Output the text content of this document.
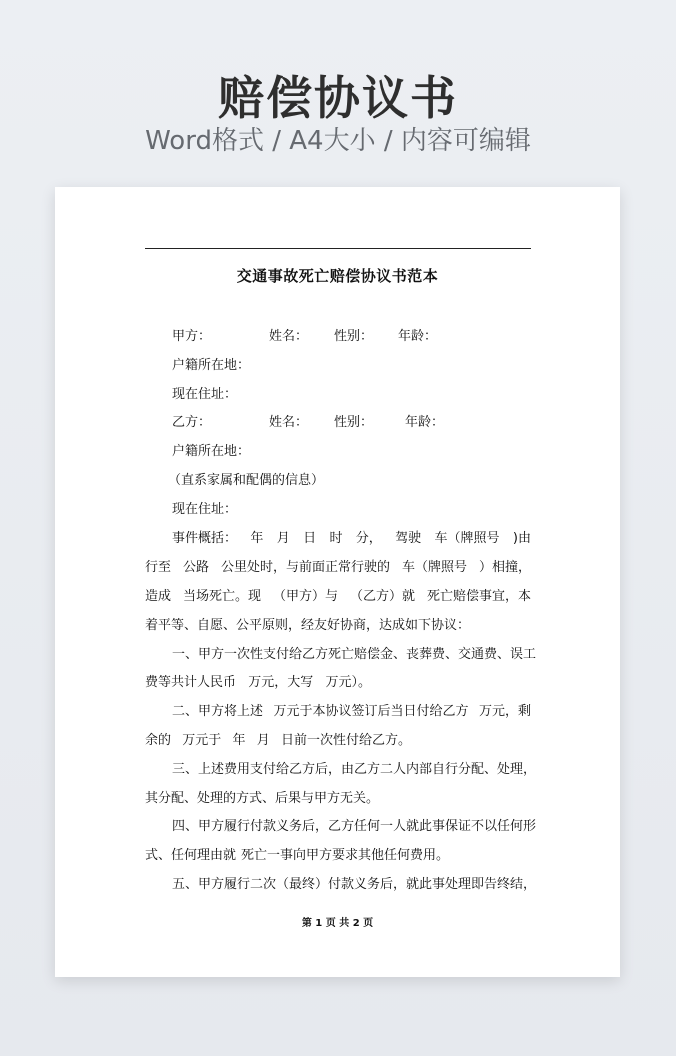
赔偿协议书
Word格式 / A4大小 / 内容可编辑
交通事故死亡赔偿协议书范本
甲方：	姓名： 性别： 年龄：
户籍所在地：
现在住址：
乙方：	姓名： 性别： 年龄：
户籍所在地：
（直系家属和配偶的信息）
现在住址：
事件概括： 年 月 日 时 分， 驾驶 车（牌照号 )由
行至 公路 公里处时，与前面正常行驶的 车（牌照号 ）相撞，
造成 当场死亡。现 （甲方）与 （乙方）就 死亡赔偿事宜，本
着平等、自愿、公平原则，经友好协商，达成如下协议：
一、甲方一次性支付给乙方死亡赔偿金、丧葬费、交通费、误工
费等共计人民币 万元，大写 万元）。
二、甲方将上述 万元于本协议签订后当日付给乙方 万元，剩
余的 万元于 年 月 日前一次性付给乙方。
三、上述费用支付给乙方后，由乙方 二人内部自行分配、处理，
其分配、处理的方式、后果与甲方无关。
四、甲方履行付款义务后，乙方任何一人就此事保证不以任何形
式、任何理由就 死亡一事向甲方要求其他任何费用。
五、甲方履行二次（最终）付款义务后，就此事处理即告终结，
第 1 页 共 2 页
